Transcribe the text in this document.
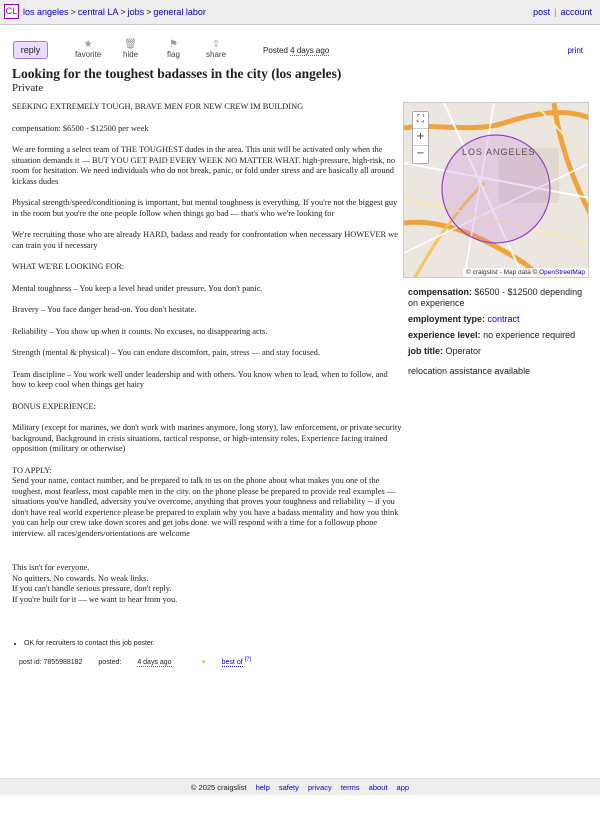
CL los angeles > central LA > jobs > general labor	post | account
reply	★
favorite
🗑
hide
⚑
flag
⇪
share	Posted 4 days ago	print
Looking for the toughest badasses in the city (los angeles)
Private

SEEKING EXTREMELY TOUGH, BRAVE MEN FOR NEW CREW IM BUILDING

compensation: $6500 - $12500 per week

We are forming a select team of THE TOUGHEST dudes in the area. This unit will be activated only when the situation demands it — BUT YOU GET PAID EVERY WEEK NO MATTER WHAT. high-pressure, high-risk, no room for hesitation. We need individuals who do not break, panic, or fold under stress and are basically all around kickass dudes

Physical strength/speed/conditioning is important, but mental toughness is everything. If you're not the biggest guy in the room but you're the one people follow when things go bad — that's who we're looking for

We're recruiting those who are already HARD, badass and ready for confrontation when necessary HOWEVER we can train you if necessary

WHAT WE'RE LOOKING FOR:

Mental toughness – You keep a level head under pressure. You don't panic.

Bravery – You face danger head-on. You don't hesitate.

Reliability – You show up when it counts. No excuses, no disappearing acts.

Strength (mental & physical) – You can endure discomfort, pain, stress — and stay focused.

Team discipline – You work well under leadership and with others. You know when to lead, when to follow, and how to keep cool when things get hairy

BONUS EXPERIENCE:

Military (except for marines, we don't work with marines anymore, long story), law enforcement, or private security background, Background in crisis situations, tactical response, or high-intensity roles, Experience facing trained opposition (military or otherwise)

TO APPLY:
Send your name, contact number, and be prepared to talk to us on the phone about what makes you one of the toughest, most fearless, most capable men in the city. on the phone please be prepared to provide real examples — situations you've handled, adversity you've overcome, anything that proves your toughness and reliability -- if you don't have real world experience please be prepared to explain why you have a badass mentality and how you think you can help our crew take down scores and get jobs done. we will respond with a time for a followup phone interview. all races/genders/orientations are welcome

This isn't for everyone.
No quitters. No cowards. No weak links.
If you can't handle serious pressure, don't reply.
If you're built for it — we want to hear from you.

⛶
+
−	LOS ANGELES
© craigslist - Map data © OpenStreetMap
compensation: $6500 - $12500 depending on experience
employment type: contract
experience level: no experience required
job title: Operator
relocation assistance available
• OK for recruiters to contact this job poster.
post id: 7855988182 posted: 4 days ago	♥ best of [?]
© 2025 craigslist help safety privacy terms about app
